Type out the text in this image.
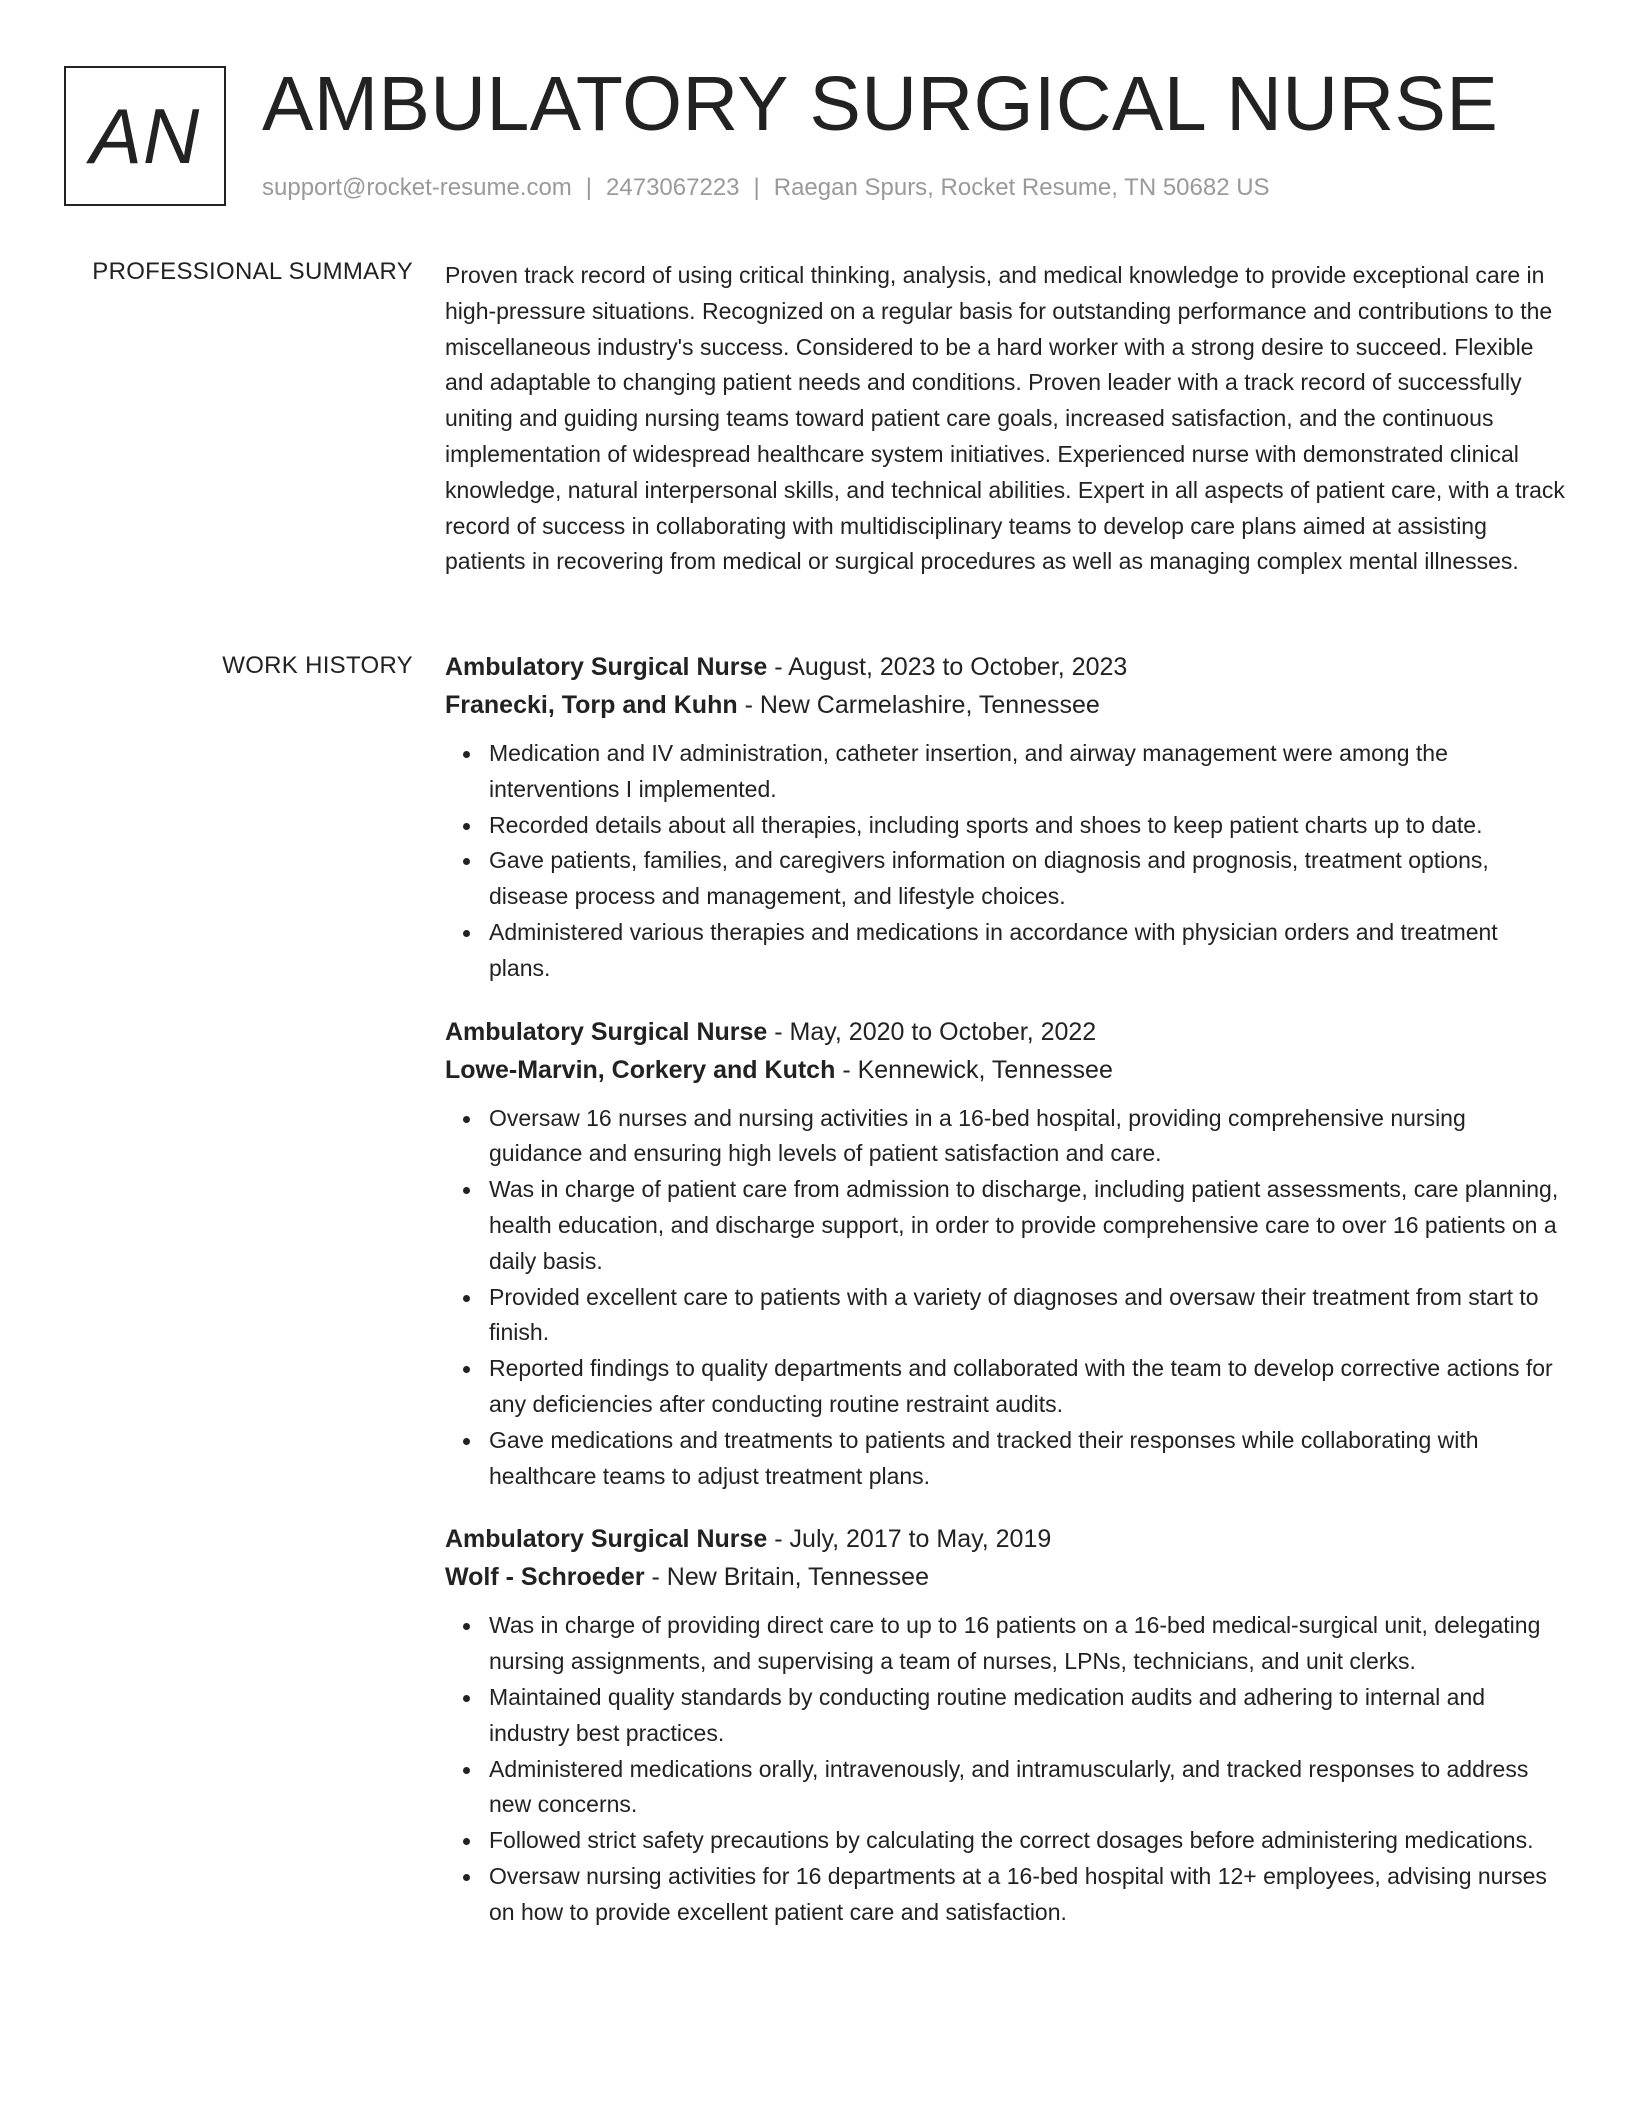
AN AMBULATORY SURGICAL NURSE
support@rocket-resume.com | 2473067223 | Raegan Spurs, Rocket Resume, TN 50682 US
PROFESSIONAL SUMMARY Proven track record of using critical thinking, analysis, and medical knowledge to provide exceptional care in high-pressure situations. Recognized on a regular basis for outstanding performance and contributions to the miscellaneous industry's success. Considered to be a hard worker with a strong desire to succeed. Flexible and adaptable to changing patient needs and conditions. Proven leader with a track record of successfully uniting and guiding nursing teams toward patient care goals, increased satisfaction, and the continuous implementation of widespread healthcare system initiatives. Experienced nurse with demonstrated clinical knowledge, natural interpersonal skills, and technical abilities. Expert in all aspects of patient care, with a track record of success in collaborating with multidisciplinary teams to develop care plans aimed at assisting patients in recovering from medical or surgical procedures as well as managing complex mental illnesses.

WORK HISTORY Ambulatory Surgical Nurse - August, 2023 to October, 2023
Franecki, Torp and Kuhn - New Carmelashire, Tennessee
Medication and IV administration, catheter insertion, and airway management were among the interventions I implemented.
Recorded details about all therapies, including sports and shoes to keep patient charts up to date.
Gave patients, families, and caregivers information on diagnosis and prognosis, treatment options, disease process and management, and lifestyle choices.
Administered various therapies and medications in accordance with physician orders and treatment plans.
Ambulatory Surgical Nurse - May, 2020 to October, 2022
Lowe-Marvin, Corkery and Kutch - Kennewick, Tennessee
Oversaw 16 nurses and nursing activities in a 16-bed hospital, providing comprehensive nursing guidance and ensuring high levels of patient satisfaction and care.
Was in charge of patient care from admission to discharge, including patient assessments, care planning, health education, and discharge support, in order to provide comprehensive care to over 16 patients on a daily basis.
Provided excellent care to patients with a variety of diagnoses and oversaw their treatment from start to finish.
Reported findings to quality departments and collaborated with the team to develop corrective actions for any deficiencies after conducting routine restraint audits.
Gave medications and treatments to patients and tracked their responses while collaborating with healthcare teams to adjust treatment plans.
Ambulatory Surgical Nurse - July, 2017 to May, 2019
Wolf - Schroeder - New Britain, Tennessee
Was in charge of providing direct care to up to 16 patients on a 16-bed medical-surgical unit, delegating nursing assignments, and supervising a team of nurses, LPNs, technicians, and unit clerks.
Maintained quality standards by conducting routine medication audits and adhering to internal and industry best practices.
Administered medications orally, intravenously, and intramuscularly, and tracked responses to address new concerns.
Followed strict safety precautions by calculating the correct dosages before administering medications.
Oversaw nursing activities for 16 departments at a 16-bed hospital with 12+ employees, advising nurses on how to provide excellent patient care and satisfaction.
